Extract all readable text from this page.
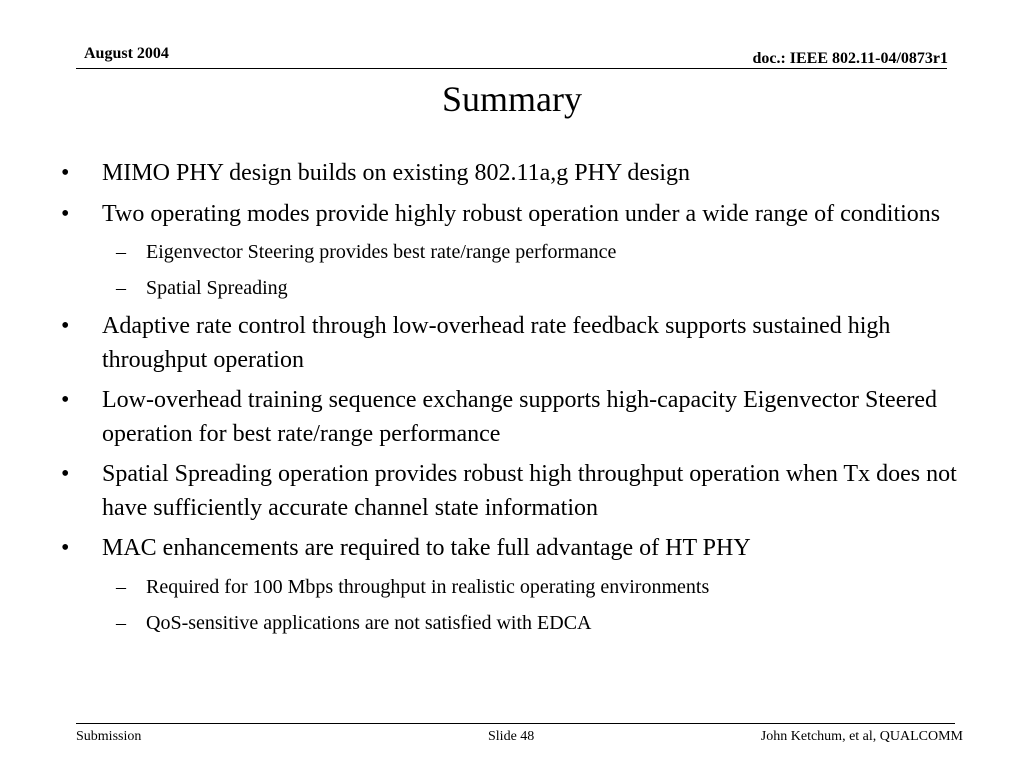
August 2004	doc.: IEEE 802.11-04/0873r1
Summary
• MIMO PHY design builds on existing 802.11a,g PHY design
• Two operating modes provide highly robust operation under a wide range of conditions
– Eigenvector Steering provides best rate/range performance
– Spatial Spreading
• Adaptive rate control through low-overhead rate feedback supports sustained high throughput operation
• Low-overhead training sequence exchange supports high-capacity Eigenvector Steered operation for best rate/range performance
• Spatial Spreading operation provides robust high throughput operation when Tx does not have sufficiently accurate channel state information
• MAC enhancements are required to take full advantage of HT PHY
– Required for 100 Mbps throughput in realistic operating environments
– QoS-sensitive applications are not satisfied with EDCA
Submission	Slide 48	John Ketchum, et al, QUALCOMM
